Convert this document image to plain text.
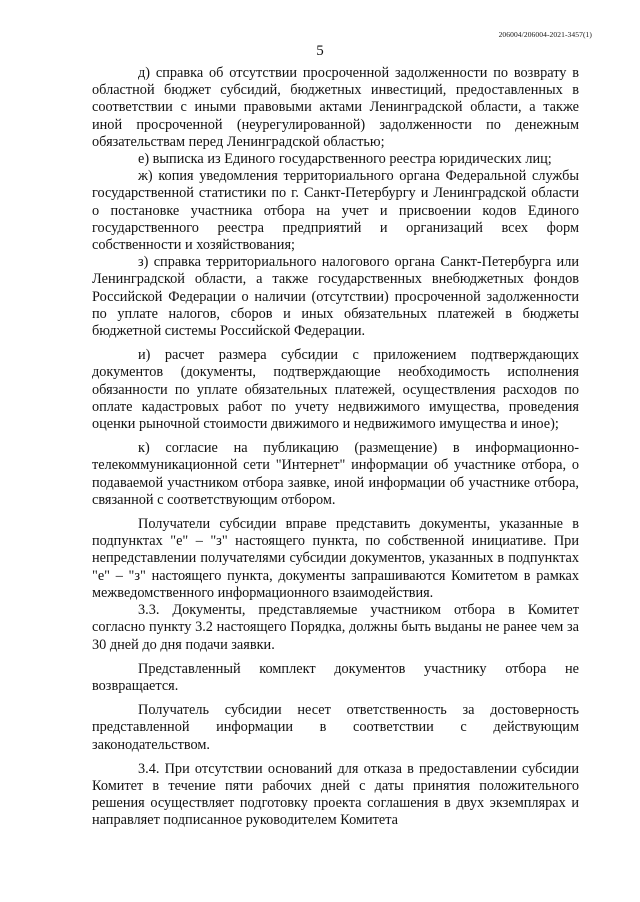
206004/206004-2021-3457(1)
5

д) справка об отсутствии просроченной задолженности по возврату в областной бюджет субсидий, бюджетных инвестиций, предоставленных в соответствии с иными правовыми актами Ленинградской области, а также иной просроченной (неурегулированной) задолженности по денежным обязательствам перед Ленинградской областью;

е) выписка из Единого государственного реестра юридических лиц;

ж) копия уведомления территориального органа Федеральной службы государственной статистики по г. Санкт-Петербургу и Ленинградской области о постановке участника отбора на учет и присвоении кодов Единого государственного реестра предприятий и организаций всех форм собственности и хозяйствования;

з) справка территориального налогового органа Санкт-Петербурга или Ленинградской области, а также государственных внебюджетных фондов Российской Федерации о наличии (отсутствии) просроченной задолженности по уплате налогов, сборов и иных обязательных платежей в бюджеты бюджетной системы Российской Федерации.

и) расчет размера субсидии с приложением подтверждающих документов (документы, подтверждающие необходимость исполнения обязанности по уплате обязательных платежей, осуществления расходов по оплате кадастровых работ по учету недвижимого имущества, проведения оценки рыночной стоимости движимого и недвижимого имущества и иное);

к) согласие на публикацию (размещение) в информационно-телекоммуникационной сети "Интернет" информации об участнике отбора, о подаваемой участником отбора заявке, иной информации об участнике отбора, связанной с соответствующим отбором.

Получатели субсидии вправе представить документы, указанные в подпунктах "е" – "з" настоящего пункта, по собственной инициативе. При непредставлении получателями субсидии документов, указанных в подпунктах "е" – "з" настоящего пункта, документы запрашиваются Комитетом в рамках межведомственного информационного взаимодействия.

3.3. Документы, представляемые участником отбора в Комитет согласно пункту 3.2 настоящего Порядка, должны быть выданы не ранее чем за 30 дней до дня подачи заявки.

Представленный комплект документов участнику отбора не возвращается.

Получатель субсидии несет ответственность за достоверность представленной информации в соответствии с действующим законодательством.

3.4. При отсутствии оснований для отказа в предоставлении субсидии Комитет в течение пяти рабочих дней с даты принятия положительного решения осуществляет подготовку проекта соглашения в двух экземплярах и направляет подписанное руководителем Комитета
